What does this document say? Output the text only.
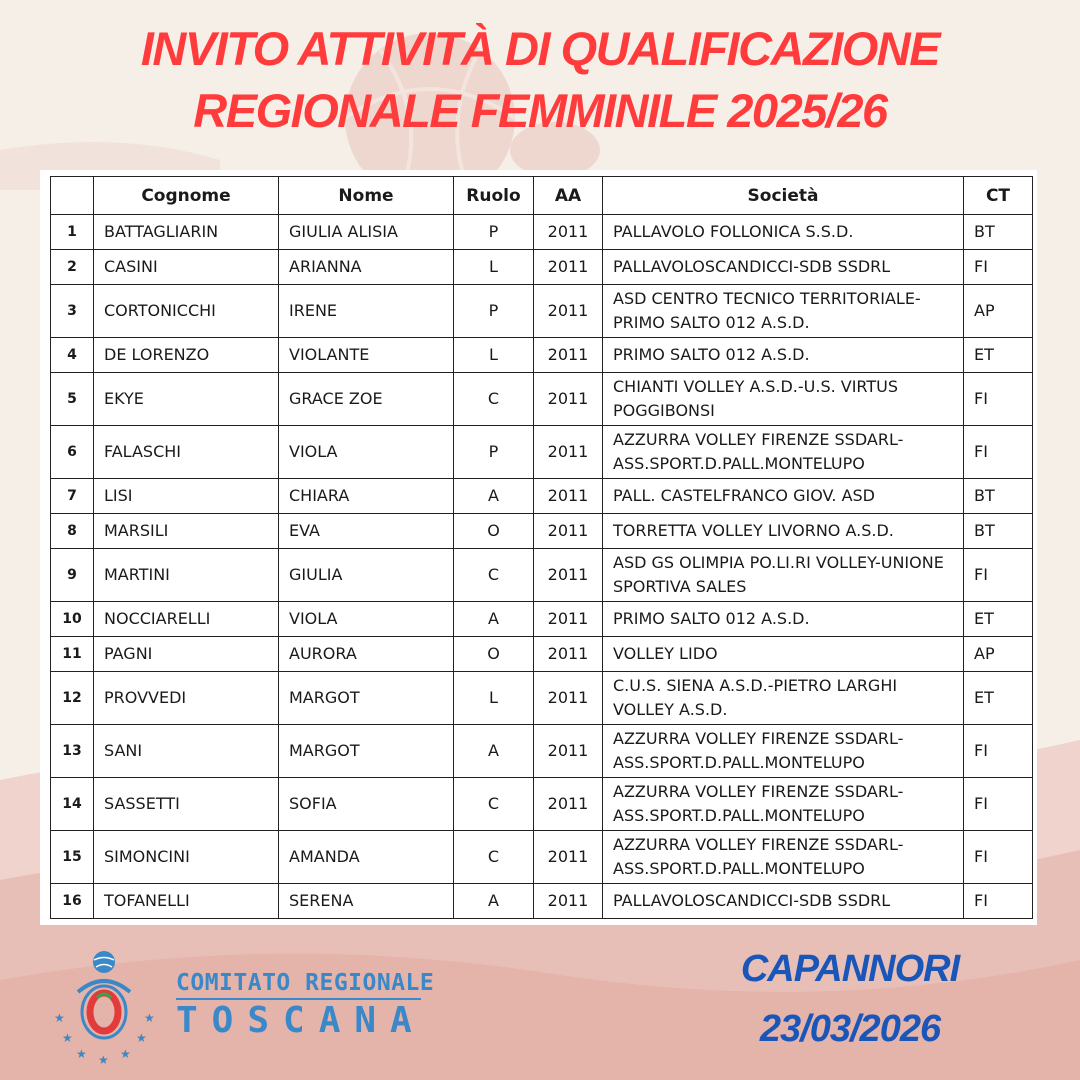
INVITO ATTIVITÀ DI QUALIFICAZIONE
REGIONALE FEMMINILE 2025/26
	Cognome	Nome	Ruolo	AA	Società	CT
1	BATTAGLIARIN	GIULIA ALISIA	P	2011	PALLAVOLO FOLLONICA S.S.D.	BT
2	CASINI	ARIANNA	L	2011	PALLAVOLOSCANDICCI-SDB SSDRL	FI
3	CORTONICCHI	IRENE	P	2011	ASD CENTRO TECNICO TERRITORIALE-PRIMO SALTO 012 A.S.D.	AP
4	DE LORENZO	VIOLANTE	L	2011	PRIMO SALTO 012 A.S.D.	ET
5	EKYE	GRACE ZOE	C	2011	CHIANTI VOLLEY A.S.D.-U.S. VIRTUS POGGIBONSI	FI
6	FALASCHI	VIOLA	P	2011	AZZURRA VOLLEY FIRENZE SSDARL-ASS.SPORT.D.PALL.MONTELUPO	FI
7	LISI	CHIARA	A	2011	PALL. CASTELFRANCO GIOV. ASD	BT
8	MARSILI	EVA	O	2011	TORRETTA VOLLEY LIVORNO A.S.D.	BT
9	MARTINI	GIULIA	C	2011	ASD GS OLIMPIA PO.LI.RI VOLLEY-UNIONE SPORTIVA SALES	FI
10	NOCCIARELLI	VIOLA	A	2011	PRIMO SALTO 012 A.S.D.	ET
11	PAGNI	AURORA	O	2011	VOLLEY LIDO	AP
12	PROVVEDI	MARGOT	L	2011	C.U.S. SIENA A.S.D.-PIETRO LARGHI VOLLEY A.S.D.	ET
13	SANI	MARGOT	A	2011	AZZURRA VOLLEY FIRENZE SSDARL-ASS.SPORT.D.PALL.MONTELUPO	FI
14	SASSETTI	SOFIA	C	2011	AZZURRA VOLLEY FIRENZE SSDARL-ASS.SPORT.D.PALL.MONTELUPO	FI
15	SIMONCINI	AMANDA	C	2011	AZZURRA VOLLEY FIRENZE SSDARL-ASS.SPORT.D.PALL.MONTELUPO	FI
16	TOFANELLI	SERENA	A	2011	PALLAVOLOSCANDICCI-SDB SSDRL	FI
★
★
★ ★ ★
★
★
COMITATO REGIONALE
TOSCANA
CAPANNORI
23/03/2026
